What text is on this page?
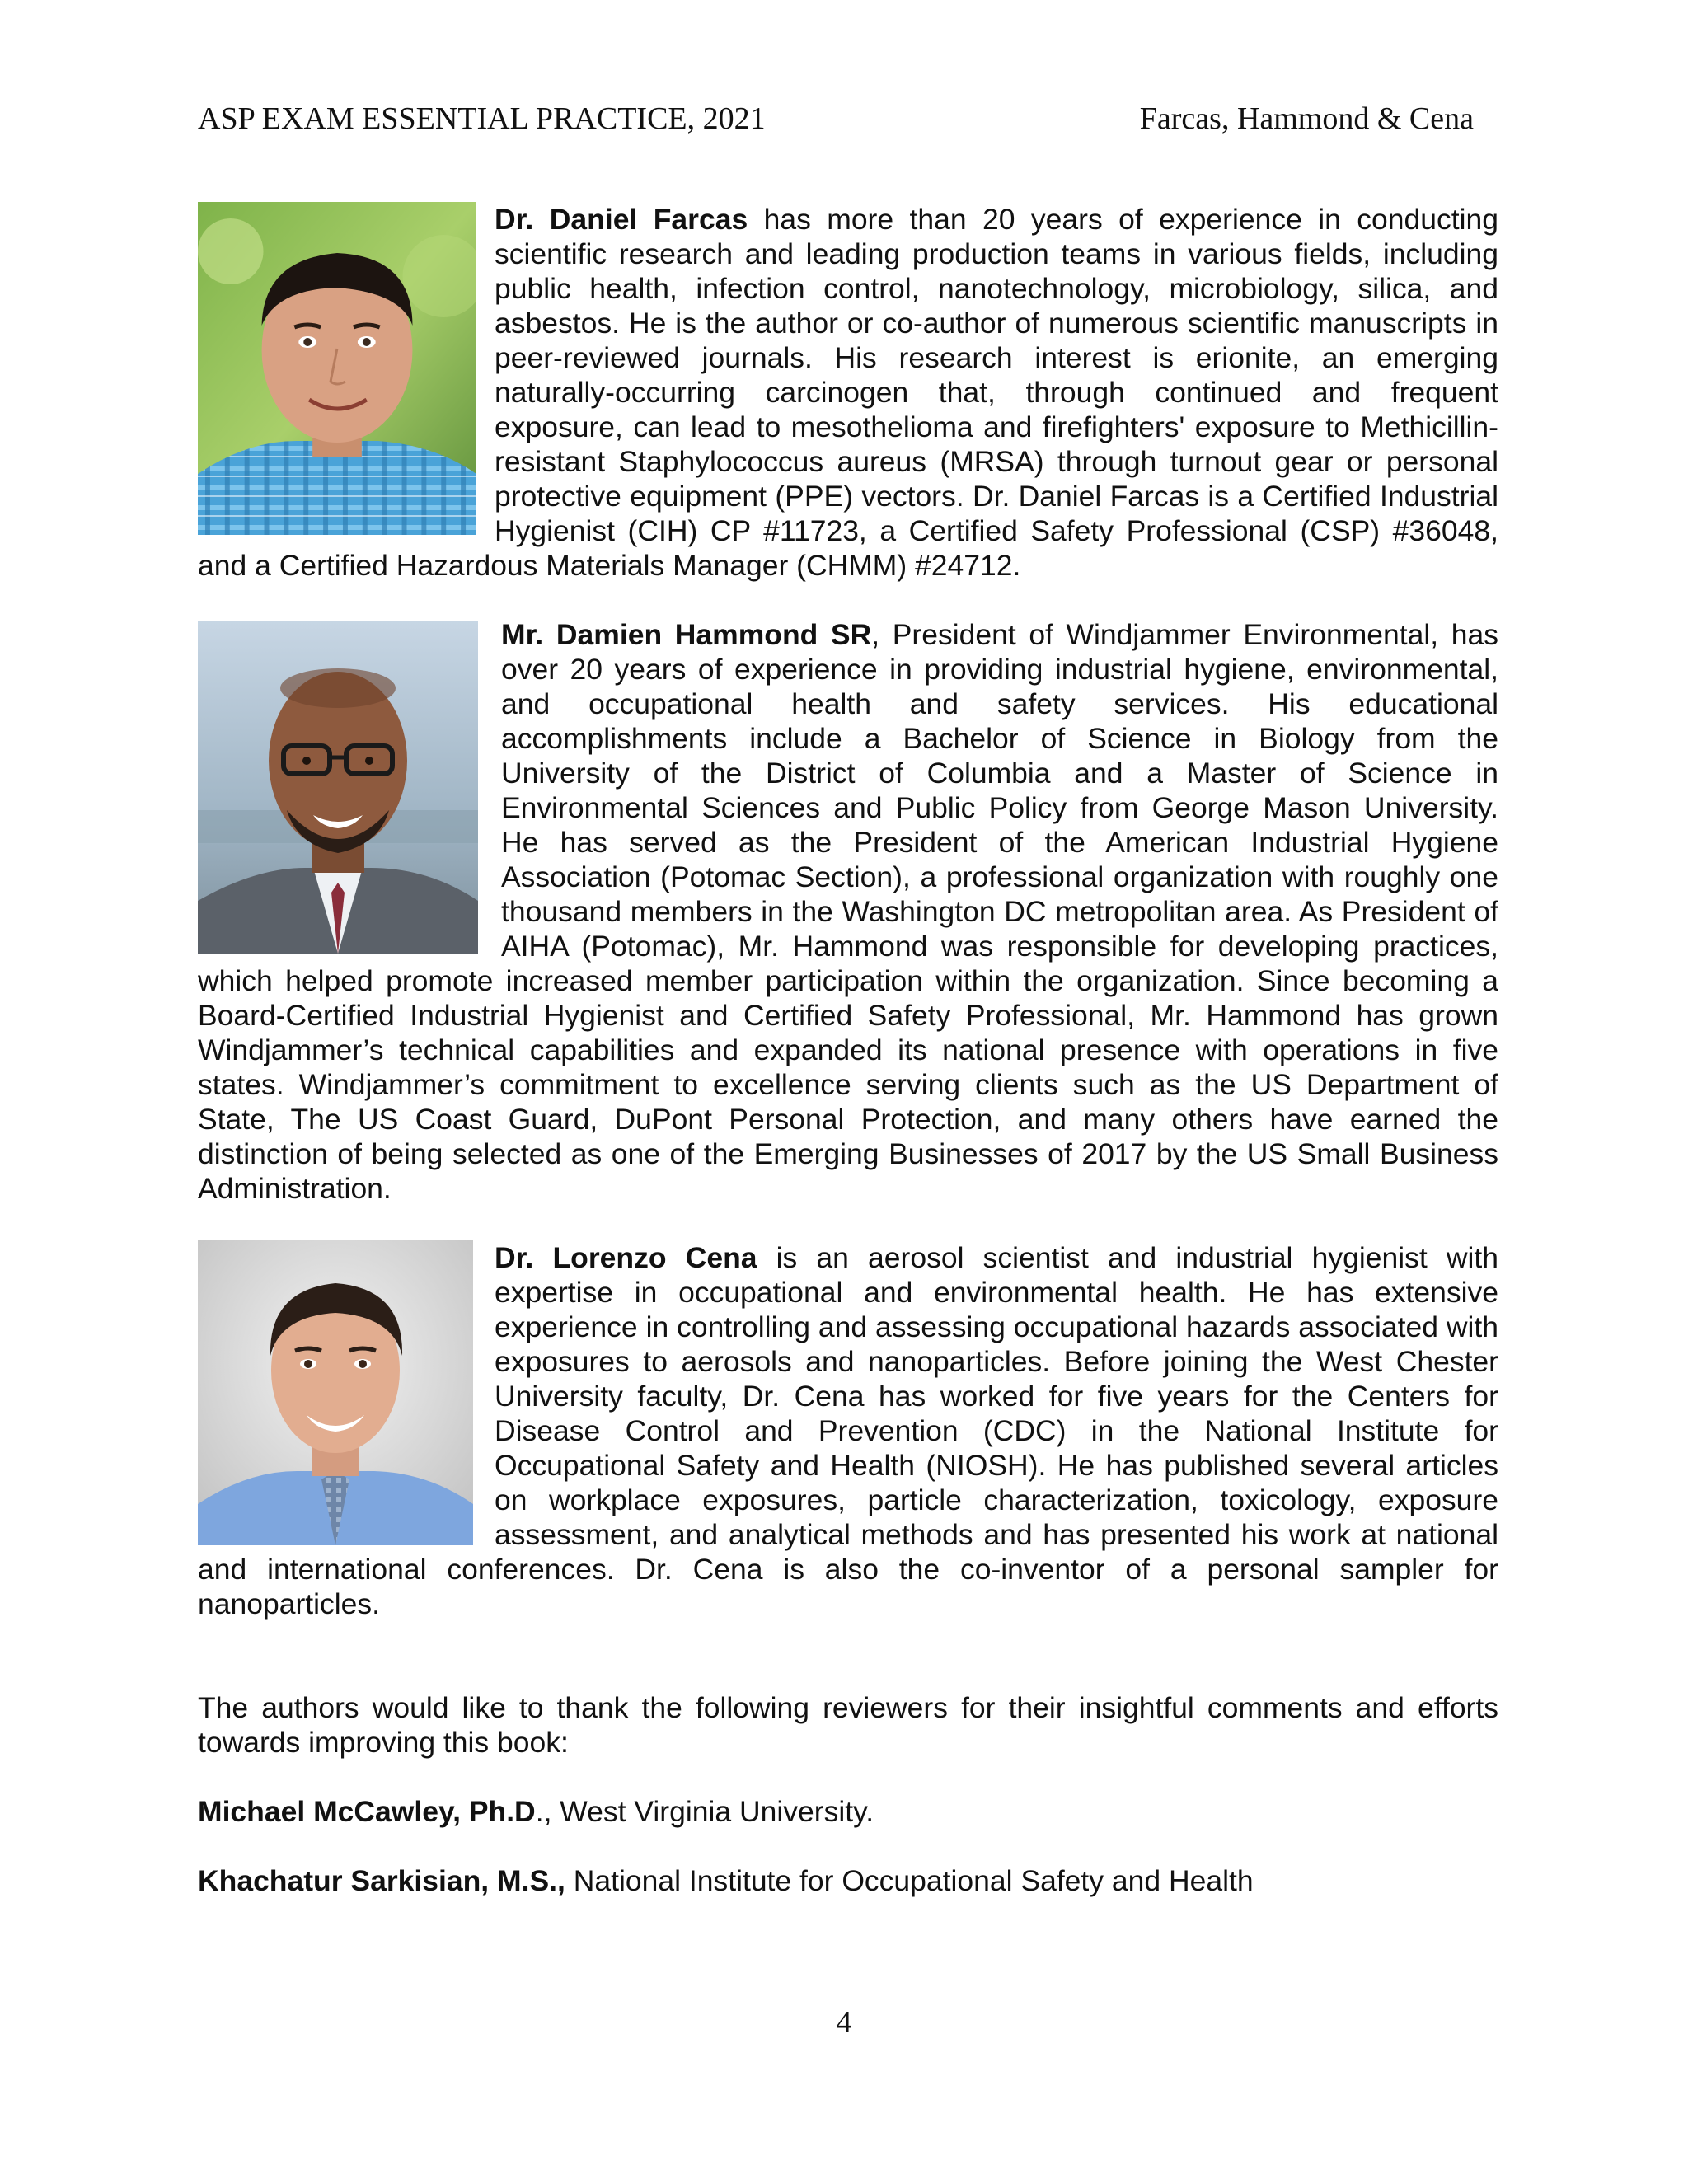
ASP EXAM ESSENTIAL PRACTICE, 2021	Farcas, Hammond & Cena

Dr. Daniel Farcas has more than 20 years of experience in conducting scientific research and leading production teams in various fields, including public health, infection control, nanotechnology, microbiology, silica, and asbestos. He is the author or co-author of numerous scientific manuscripts in peer-reviewed journals. His research interest is erionite, an emerging naturally-occurring carcinogen that, through continued and frequent exposure, can lead to mesothelioma and firefighters' exposure to Methicillin-resistant Staphylococcus aureus (MRSA) through turnout gear or personal protective equipment (PPE) vectors. Dr. Daniel Farcas is a Certified Industrial Hygienist (CIH) CP #11723, a Certified Safety Professional (CSP) #36048, and a Certified Hazardous Materials Manager (CHMM) #24712.

Mr. Damien Hammond SR, President of Windjammer Environmental, has over 20 years of experience in providing industrial hygiene, environmental, and occupational health and safety services. His educational accomplishments include a Bachelor of Science in Biology from the University of the District of Columbia and a Master of Science in Environmental Sciences and Public Policy from George Mason University. He has served as the President of the American Industrial Hygiene Association (Potomac Section), a professional organization with roughly one thousand members in the Washington DC metropolitan area. As President of AIHA (Potomac), Mr. Hammond was responsible for developing practices, which helped promote increased member participation within the organization. Since becoming a Board-Certified Industrial Hygienist and Certified Safety Professional, Mr. Hammond has grown Windjammer’s technical capabilities and expanded its national presence with operations in five states. Windjammer’s commitment to excellence serving clients such as the US Department of State, The US Coast Guard, DuPont Personal Protection, and many others have earned the distinction of being selected as one of the Emerging Businesses of 2017 by the US Small Business Administration.

Dr. Lorenzo Cena is an aerosol scientist and industrial hygienist with expertise in occupational and environmental health. He has extensive experience in controlling and assessing occupational hazards associated with exposures to aerosols and nanoparticles. Before joining the West Chester University faculty, Dr. Cena has worked for five years for the Centers for Disease Control and Prevention (CDC) in the National Institute for Occupational Safety and Health (NIOSH). He has published several articles on workplace exposures, particle characterization, toxicology, exposure assessment, and analytical methods and has presented his work at national and international conferences. Dr. Cena is also the co-inventor of a personal sampler for nanoparticles.

The authors would like to thank the following reviewers for their insightful comments and efforts towards improving this book:

Michael McCawley, Ph.D., West Virginia University.

Khachatur Sarkisian, M.S., National Institute for Occupational Safety and Health

4
